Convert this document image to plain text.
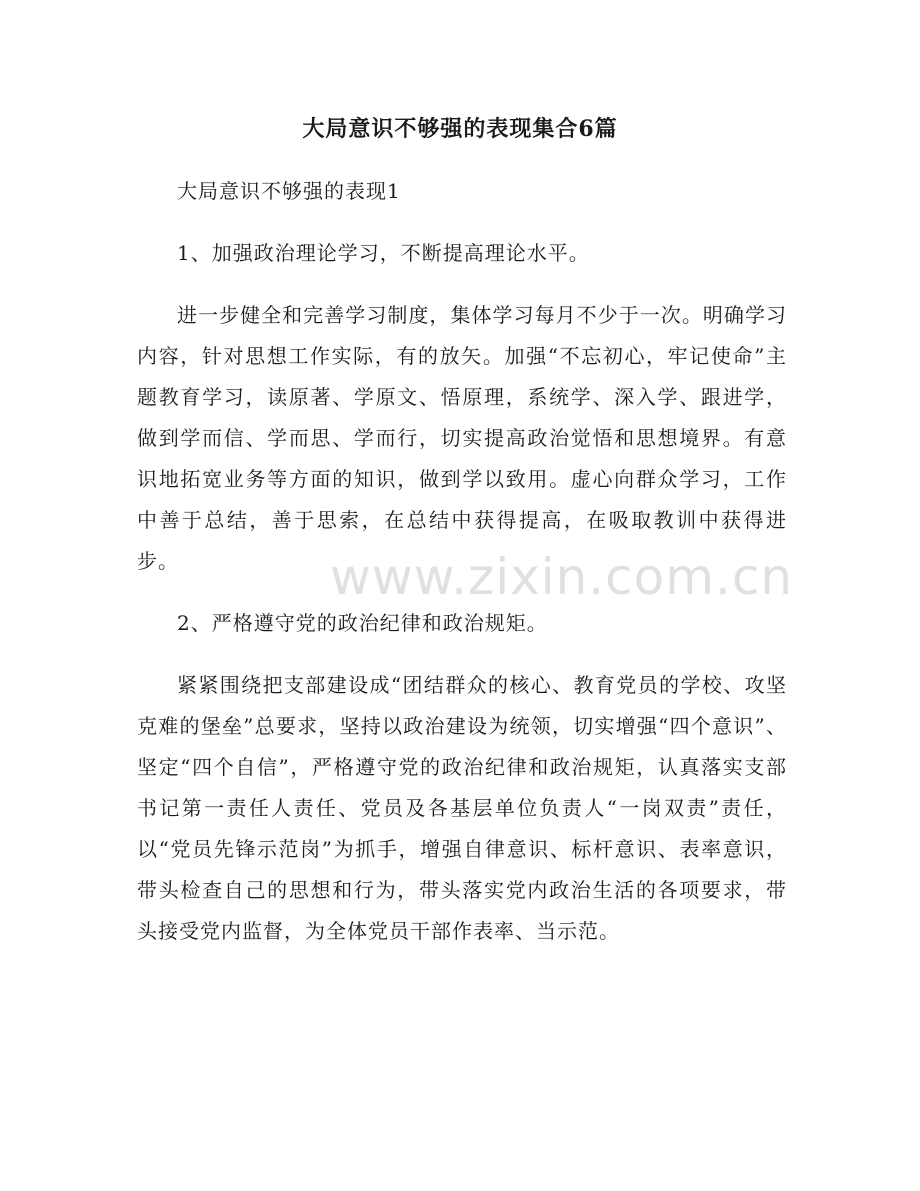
大局意识不够强的表现集合6篇

大局意识不够强的表现1

1、加强政治理论学习，不断提高理论水平。

进一步健全和完善学习制度，集体学习每月不少于一次。明确学习内容，针对思想工作实际，有的放矢。加强“不忘初心，牢记使命”主题教育学习，读原著、学原文、悟原理，系统学、深入学、跟进学，做到学而信、学而思、学而行，切实提高政治觉悟和思想境界。有意识地拓宽业务等方面的知识，做到学以致用。虚心向群众学习，工作中善于总结，善于思索，在总结中获得提高，在吸取教训中获得进步。

2、严格遵守党的政治纪律和政治规矩。

紧紧围绕把支部建设成“团结群众的核心、教育党员的学校、攻坚克难的堡垒”总要求，坚持以政治建设为统领，切实增强“四个意识”、坚定“四个自信”，严格遵守党的政治纪律和政治规矩，认真落实支部书记第一责任人责任、党员及各基层单位负责人“一岗双责”责任，以“党员先锋示范岗”为抓手，增强自律意识、标杆意识、表率意识，带头检查自己的思想和行为，带头落实党内政治生活的各项要求，带头接受党内监督，为全体党员干部作表率、当示范。

www.zixin.com.cn
